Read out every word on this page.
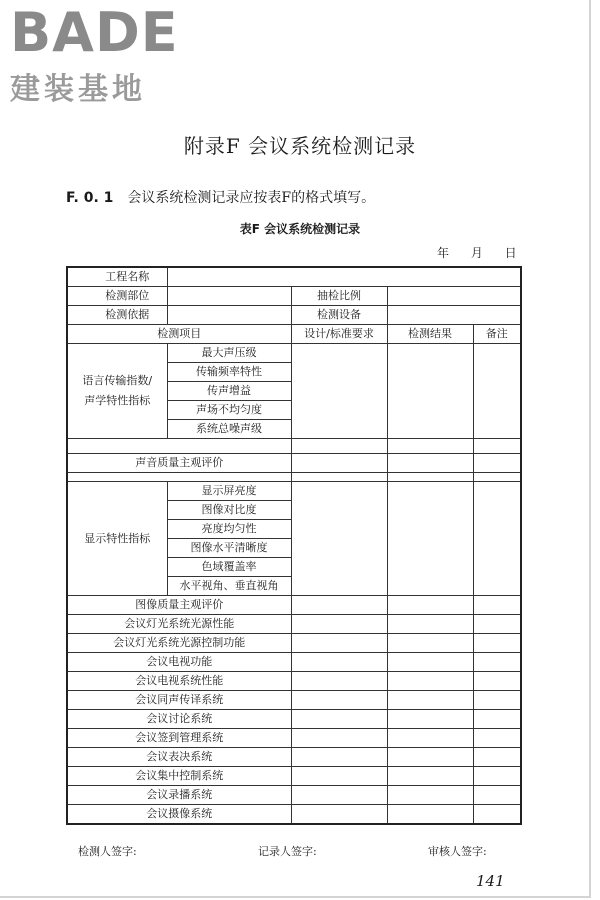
BADE
建装基地
附录F 会议系统检测记录
F. 0. 1 会议系统检测记录应按表F的格式填写。
表F 会议系统检测记录
年 月 日
工程名称				
检测部位		抽检比例		
检测依据		检测设备		
检测项目		设计/标准要求	检测结果	备注

语言传输指数/
声学特性指标	最大声压级			
	传输频率特性			
	传声增益			
	声场不均匀度			
	系统总噪声级			

声音质量主观评价				

显示特性指标	显示屏亮度			
	图像对比度			
	亮度均匀性			
	图像水平清晰度			
	色域覆盖率			
	水平视角、垂直视角			
图像质量主观评价				
会议灯光系统光源性能				
会议灯光系统光源控制功能				
会议电视功能				
会议电视系统性能				
会议同声传译系统				
会议讨论系统				
会议签到管理系统				
会议表决系统				
会议集中控制系统				
会议录播系统				
会议摄像系统				
检测人签字:	记录人签字:	审核人签字:
141
